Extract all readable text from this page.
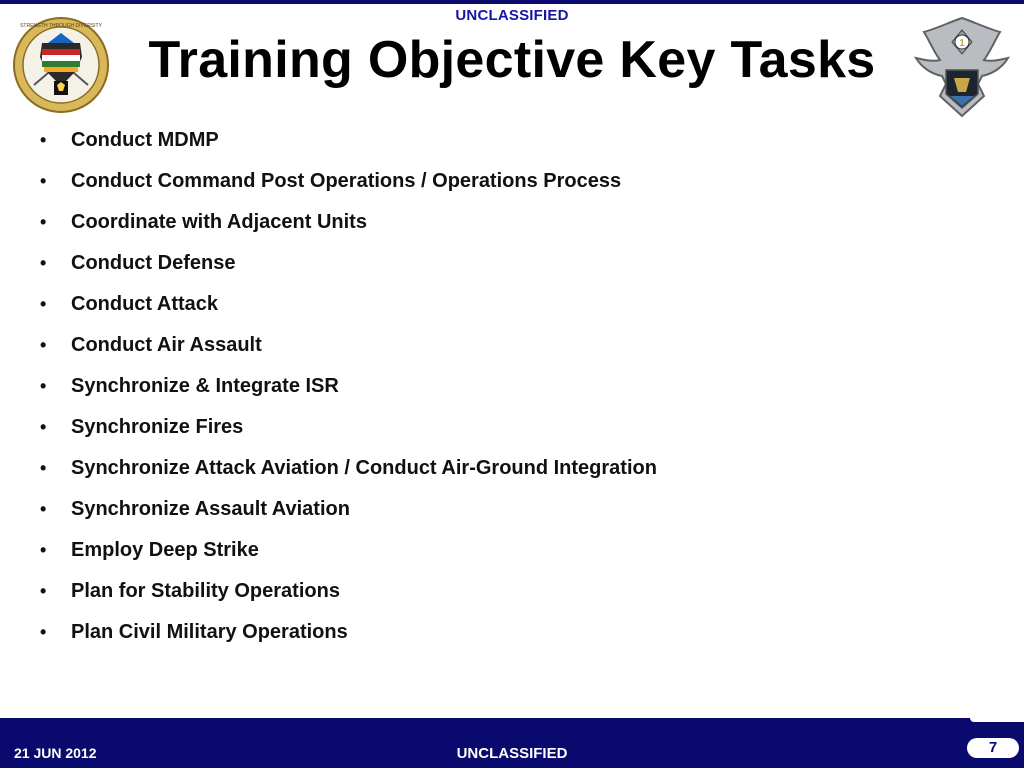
UNCLASSIFIED
STRENGTH THROUGH DIVERSITY
Training Objective Key Tasks	1
• Conduct MDMP
• Conduct Command Post Operations / Operations Process
• Coordinate with Adjacent Units
• Conduct Defense
• Conduct Attack
• Conduct Air Assault
• Synchronize & Integrate ISR
• Synchronize Fires
• Synchronize Attack Aviation / Conduct Air-Ground Integration
• Synchronize Assault Aviation
• Employ Deep Strike
• Plan for Stability Operations
• Plan Civil Military Operations
21 JUN 2012	UNCLASSIFIED	7
